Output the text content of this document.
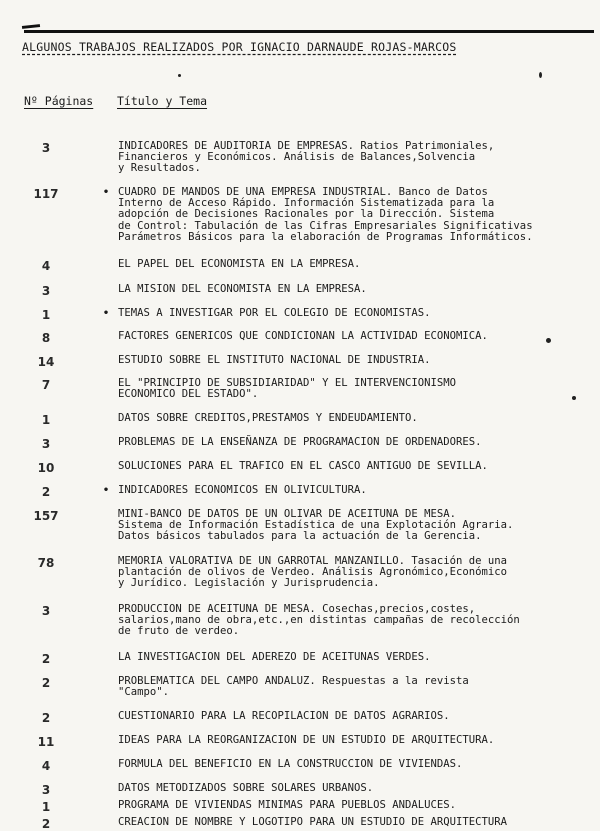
ALGUNOS TRABAJOS REALIZADOS POR IGNACIO DARNAUDE ROJAS-MARCOS
Nº Páginas Título y Tema
3	INDICADORES DE AUDITORIA DE EMPRESAS. Ratios Patrimoniales,
Financieros y Económicos. Análisis de Balances,Solvencia
y Resultados.
117	• CUADRO DE MANDOS DE UNA EMPRESA INDUSTRIAL. Banco de Datos
Interno de Acceso Rápido. Información Sistematizada para la
adopción de Decisiones Racionales por la Dirección. Sistema
de Control: Tabulación de las Cifras Empresariales Significativas
Parámetros Básicos para la elaboración de Programas Informáticos.
4	EL PAPEL DEL ECONOMISTA EN LA EMPRESA.
3	LA MISION DEL ECONOMISTA EN LA EMPRESA.
1	• TEMAS A INVESTIGAR POR EL COLEGIO DE ECONOMISTAS.
8	FACTORES GENERICOS QUE CONDICIONAN LA ACTIVIDAD ECONOMICA.
14	ESTUDIO SOBRE EL INSTITUTO NACIONAL DE INDUSTRIA.
7	EL "PRINCIPIO DE SUBSIDIARIDAD" Y EL INTERVENCIONISMO
ECONOMICO DEL ESTADO".
1	DATOS SOBRE CREDITOS,PRESTAMOS Y ENDEUDAMIENTO.
3	PROBLEMAS DE LA ENSEÑANZA DE PROGRAMACION DE ORDENADORES.
10	SOLUCIONES PARA EL TRAFICO EN EL CASCO ANTIGUO DE SEVILLA.
2	• INDICADORES ECONOMICOS EN OLIVICULTURA.
157	MINI-BANCO DE DATOS DE UN OLIVAR DE ACEITUNA DE MESA.
Sistema de Información Estadística de una Explotación Agraria.
Datos básicos tabulados para la actuación de la Gerencia.
78	MEMORIA VALORATIVA DE UN GARROTAL MANZANILLO. Tasación de una
plantación de olivos de Verdeo. Análisis Agronómico,Económico
y Jurídico. Legislación y Jurisprudencia.
3	PRODUCCION DE ACEITUNA DE MESA. Cosechas,precios,costes,
salarios,mano de obra,etc.,en distintas campañas de recolección
de fruto de verdeo.
2	LA INVESTIGACION DEL ADEREZO DE ACEITUNAS VERDES.
2	PROBLEMATICA DEL CAMPO ANDALUZ. Respuestas a la revista
"Campo".
2	CUESTIONARIO PARA LA RECOPILACION DE DATOS AGRARIOS.
11	IDEAS PARA LA REORGANIZACION DE UN ESTUDIO DE ARQUITECTURA.
4	FORMULA DEL BENEFICIO EN LA CONSTRUCCION DE VIVIENDAS.
3	DATOS METODIZADOS SOBRE SOLARES URBANOS.
1	PROGRAMA DE VIVIENDAS MINIMAS PARA PUEBLOS ANDALUCES.
2	CREACION DE NOMBRE Y LOGOTIPO PARA UN ESTUDIO DE ARQUITECTURA
